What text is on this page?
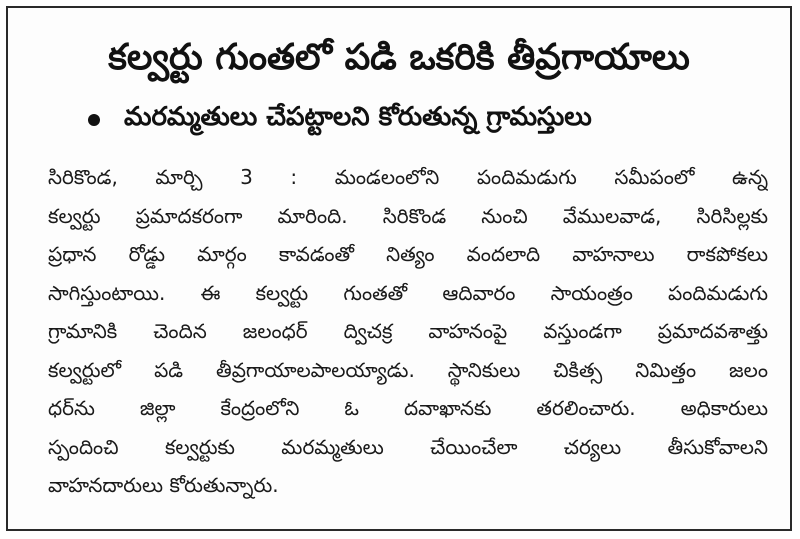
కల్వర్టు గుంతలో పడి ఒకరికి తీవ్రగాయాలు
మరమ్మతులు చేపట్టాలని కోరుతున్న గ్రామస్తులు
సిరికొండ, మార్చి 3 : మండలంలోని పందిమడుగు సమీపంలో ఉన్న
కల్వర్టు ప్రమాదకరంగా మారింది. సిరికొండ నుంచి వేములవాడ, సిరిసిల్లకు
ప్రధాన రోడ్డు మార్గం కావడంతో నిత్యం వందలాది వాహనాలు రాకపోకలు
సాగిస్తుంటాయి. ఈ కల్వర్టు గుంతతో ఆదివారం సాయంత్రం పందిమడుగు
గ్రామానికి చెందిన జలంధర్ ద్విచక్ర వాహనంపై వస్తుండగా ప్రమాదవశాత్తు
కల్వర్టులో పడి తీవ్రగాయాలపాలయ్యాడు. స్థానికులు చికిత్స నిమిత్తం జలం
ధర్‌ను జిల్లా కేంద్రంలోని ఓ దవాఖానకు తరలించారు. అధికారులు
స్పందించి కల్వర్టుకు మరమ్మతులు చేయించేలా చర్యలు తీసుకోవాలని
వాహనదారులు కోరుతున్నారు.
